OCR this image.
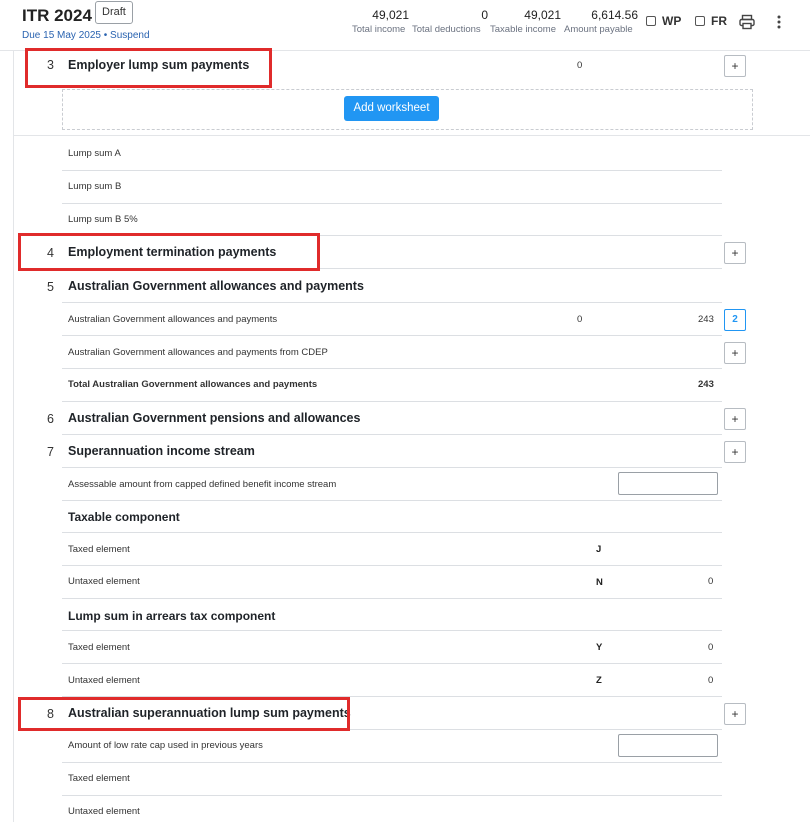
ITR 2024 Draft
Due 15 May 2025 • Suspend
49,021
Total income
0
Total deductions
49,021
Taxable income
6,614.56
Amount payable
WP FR
3 Employer lump sum payments	0	+
Add worksheet
Lump sum A
Lump sum B
Lump sum B 5%
4 Employment termination payments	+
5 Australian Government allowances and payments
Australian Government allowances and payments	0	243	2
Australian Government allowances and payments from CDEP	+
Total Australian Government allowances and payments	243
6 Australian Government pensions and allowances	+
7 Superannuation income stream	+
Assessable amount from capped defined benefit income stream
Taxable component
Taxed element	J
Untaxed element	N	0
Lump sum in arrears tax component
Taxed element	Y	0
Untaxed element	Z	0
8 Australian superannuation lump sum payments	+
Amount of low rate cap used in previous years
Taxed element
Untaxed element
